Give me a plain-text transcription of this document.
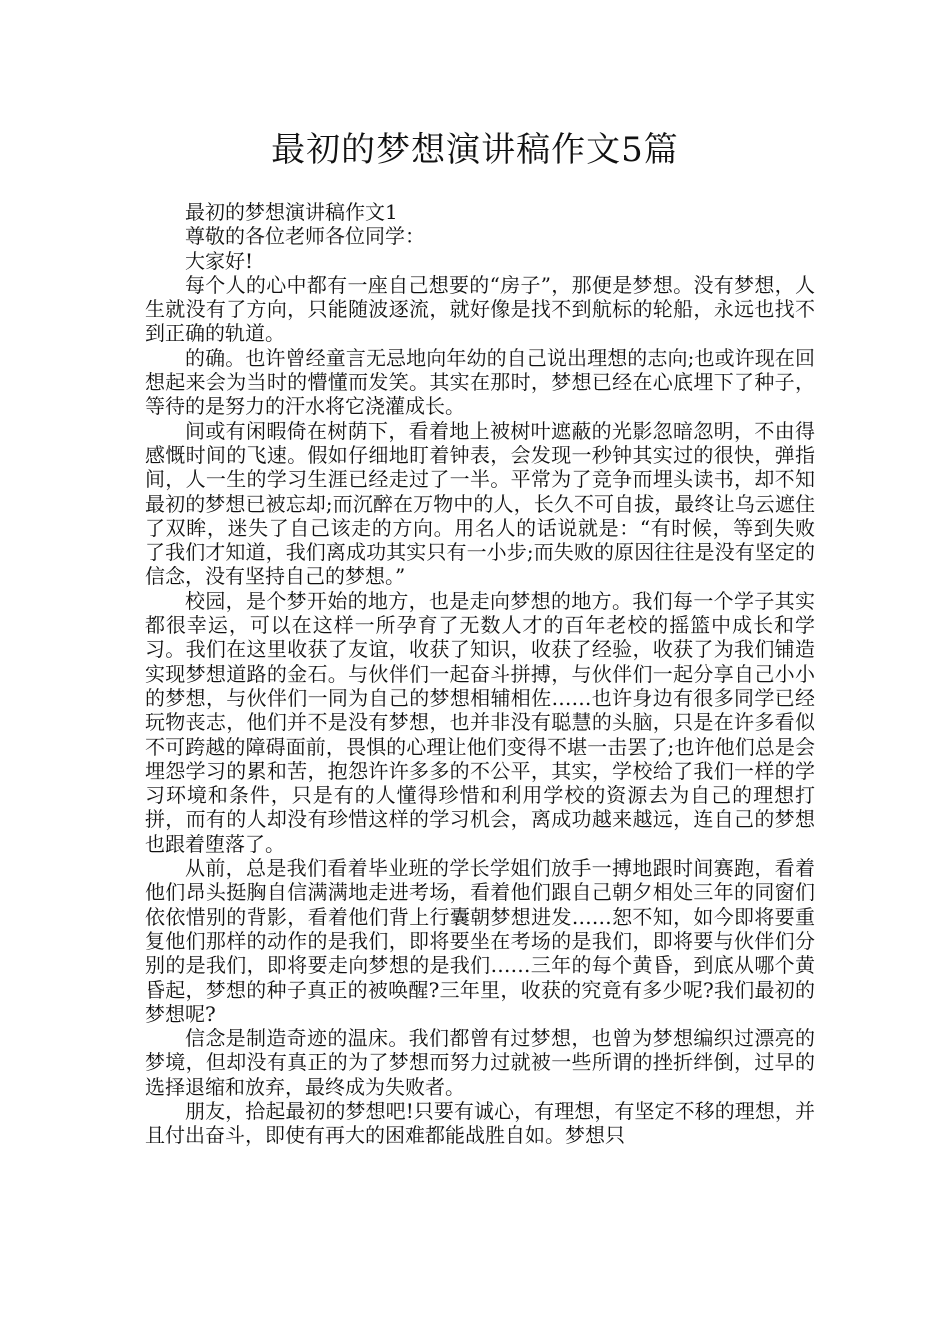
最初的梦想演讲稿作文5篇

最初的梦想演讲稿作文1

尊敬的各位老师各位同学：

大家好!

每个人的心中都有一座自己想要的“房子”，那便是梦想。没有梦想，人生就没有了方向，只能随波逐流，就好像是找不到航标的轮船，永远也找不到正确的轨道。

的确。也许曾经童言无忌地向年幼的自己说出理想的志向;也或许现在回想起来会为当时的懵懂而发笑。其实在那时，梦想已经在心底埋下了种子，等待的是努力的汗水将它浇灌成长。

间或有闲暇倚在树荫下，看着地上被树叶遮蔽的光影忽暗忽明，不由得感慨时间的飞速。假如仔细地盯着钟表，会发现一秒钟其实过的很快，弹指间，人一生的学习生涯已经走过了一半。平常为了竞争而埋头读书，却不知最初的梦想已被忘却;而沉醉在万物中的人，长久不可自拔，最终让乌云遮住了双眸，迷失了自己该走的方向。用名人的话说就是：“有时候，等到失败了我们才知道，我们离成功其实只有一小步;而失败的原因往往是没有坚定的信念，没有坚持自己的梦想。”

校园，是个梦开始的地方，也是走向梦想的地方。我们每一个学子其实都很幸运，可以在这样一所孕育了无数人才的百年老校的摇篮中成长和学习。我们在这里收获了友谊，收获了知识，收获了经验，收获了为我们铺造实现梦想道路的金石。与伙伴们一起奋斗拼搏，与伙伴们一起分享自己小小的梦想，与伙伴们一同为自己的梦想相辅相佐……也许身边有很多同学已经玩物丧志，他们并不是没有梦想，也并非没有聪慧的头脑，只是在许多看似不可跨越的障碍面前，畏惧的心理让他们变得不堪一击罢了;也许他们总是会埋怨学习的累和苦，抱怨许许多多的不公平，其实，学校给了我们一样的学习环境和条件，只是有的人懂得珍惜和利用学校的资源去为自己的理想打拼，而有的人却没有珍惜这样的学习机会，离成功越来越远，连自己的梦想也跟着堕落了。

从前，总是我们看着毕业班的学长学姐们放手一搏地跟时间赛跑，看着他们昂头挺胸自信满满地走进考场，看着他们跟自己朝夕相处三年的同窗们依依惜别的背影，看着他们背上行囊朝梦想进发……恕不知，如今即将要重复他们那样的动作的是我们，即将要坐在考场的是我们，即将要与伙伴们分别的是我们，即将要走向梦想的是我们……三年的每个黄昏，到底从哪个黄昏起，梦想的种子真正的被唤醒?三年里，收获的究竟有多少呢?我们最初的梦想呢?

信念是制造奇迹的温床。我们都曾有过梦想，也曾为梦想编织过漂亮的梦境，但却没有真正的为了梦想而努力过就被一些所谓的挫折绊倒，过早的选择退缩和放弃，最终成为失败者。

朋友，拾起最初的梦想吧!只要有诚心，有理想，有坚定不移的理想，并且付出奋斗，即使有再大的困难都能战胜自如。梦想只
